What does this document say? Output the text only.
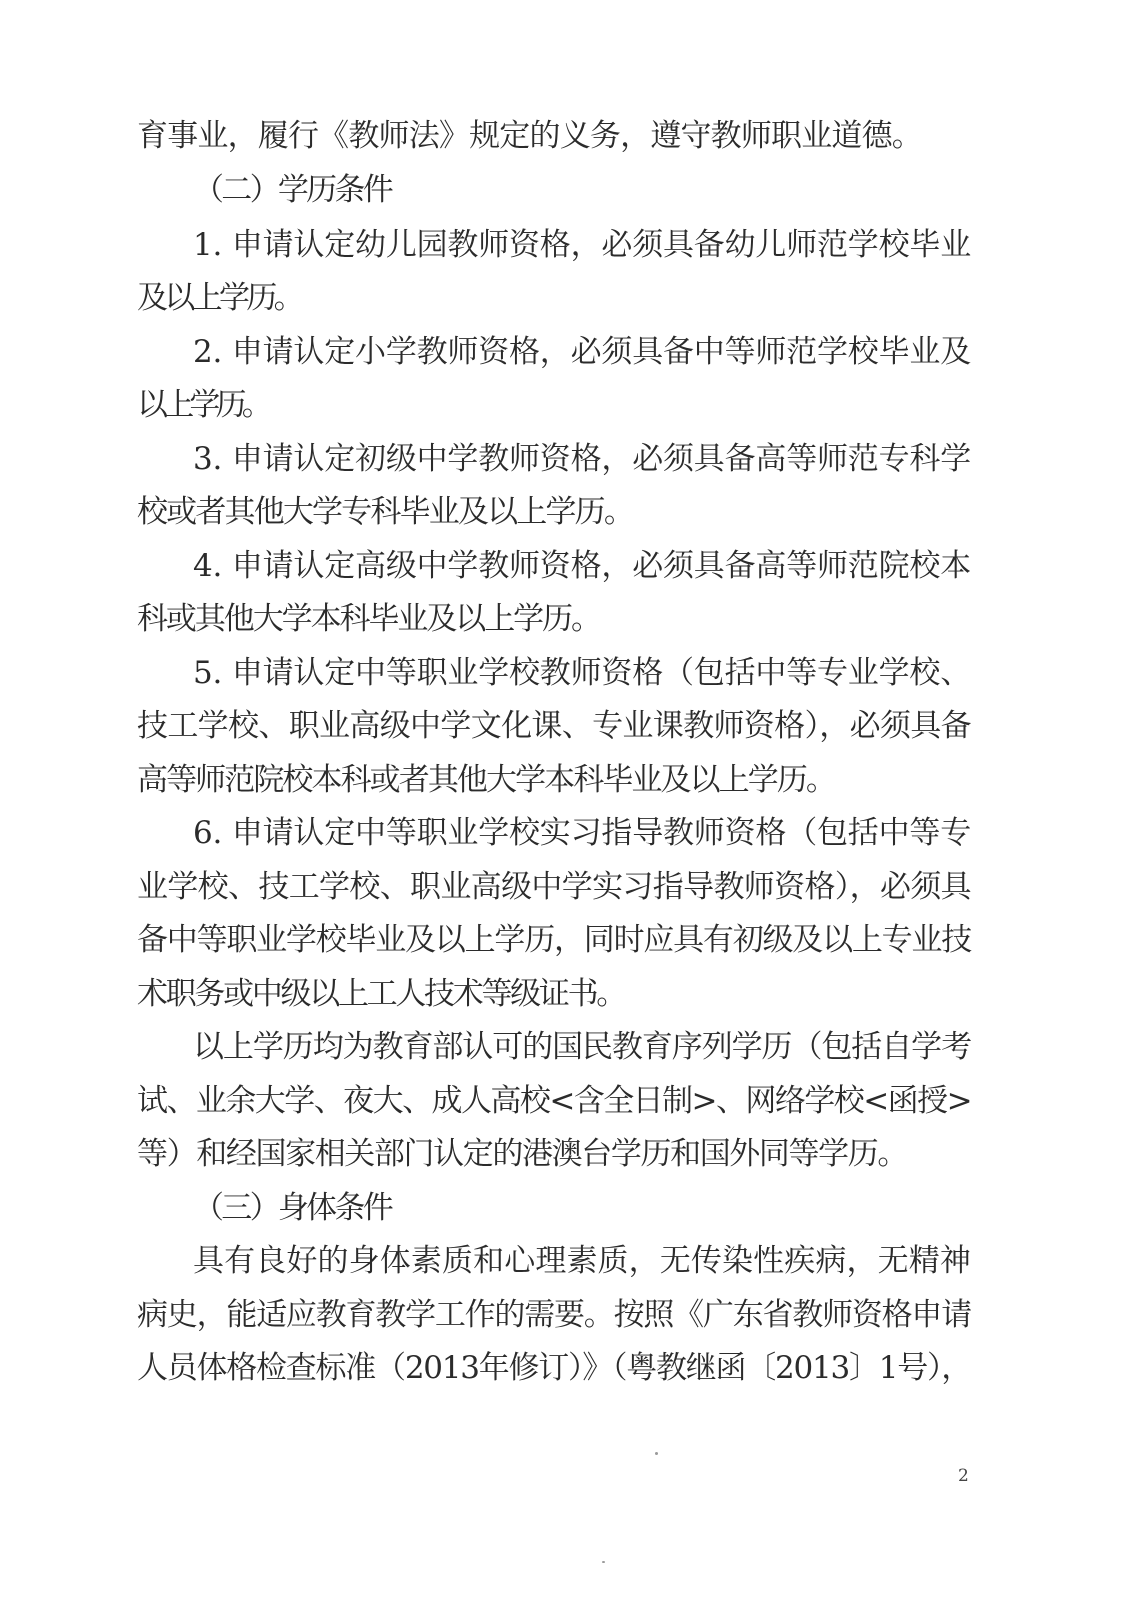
育事业，履行《教师法》规定的义务，遵守教师职业道德。
（二）学历条件
1. 申请认定幼儿园教师资格，必须具备幼儿师范学校毕业
及以上学历。
2. 申请认定小学教师资格，必须具备中等师范学校毕业及
以上学历。
3. 申请认定初级中学教师资格，必须具备高等师范专科学
校或者其他大学专科毕业及以上学历。
4. 申请认定高级中学教师资格，必须具备高等师范院校本
科或其他大学本科毕业及以上学历。
5. 申请认定中等职业学校教师资格（包括中等专业学校、
技工学校、职业高级中学文化课、专业课教师资格），必须具备
高等师范院校本科或者其他大学本科毕业及以上学历。
6. 申请认定中等职业学校实习指导教师资格（包括中等专
业学校、技工学校、职业高级中学实习指导教师资格），必须具
备中等职业学校毕业及以上学历，同时应具有初级及以上专业技
术职务或中级以上工人技术等级证书。
以上学历均为教育部认可的国民教育序列学历（包括自学考
试、业余大学、夜大、成人高校<含全日制>、网络学校<函授>
等）和经国家相关部门认定的港澳台学历和国外同等学历。
（三）身体条件
具有良好的身体素质和心理素质，无传染性疾病，无精神
病史，能适应教育教学工作的需要。按照《广东省教师资格申请
人员体格检查标准（2013年修订）》（粤教继函〔2013〕1号），
2
